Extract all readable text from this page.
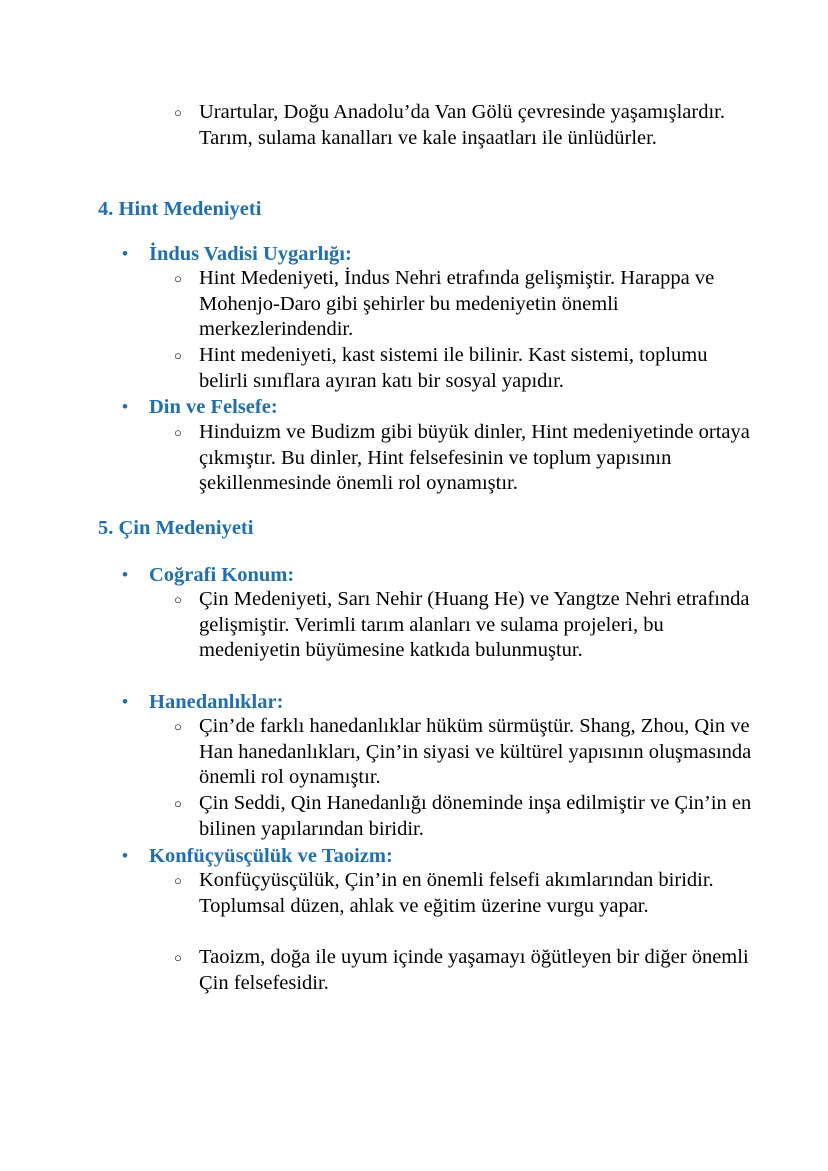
○ Urartular, Doğu Anadolu’da Van Gölü çevresinde yaşamışlardır. Tarım, sulama kanalları ve kale inşaatları ile ünlüdürler.
4. Hint Medeniyeti
• İndus Vadisi Uygarlığı:
○ Hint Medeniyeti, İndus Nehri etrafında gelişmiştir. Harappa ve Mohenjo-Daro gibi şehirler bu medeniyetin önemli merkezlerindendir.
○ Hint medeniyeti, kast sistemi ile bilinir. Kast sistemi, toplumu belirli sınıflara ayıran katı bir sosyal yapıdır.
• Din ve Felsefe:
○ Hinduizm ve Budizm gibi büyük dinler, Hint medeniyetinde ortaya çıkmıştır. Bu dinler, Hint felsefesinin ve toplum yapısının şekillenmesinde önemli rol oynamıştır.
5. Çin Medeniyeti
• Coğrafi Konum:
○ Çin Medeniyeti, Sarı Nehir (Huang He) ve Yangtze Nehri etrafında gelişmiştir. Verimli tarım alanları ve sulama projeleri, bu medeniyetin büyümesine katkıda bulunmuştur.
• Hanedanlıklar:
○ Çin’de farklı hanedanlıklar hüküm sürmüştür. Shang, Zhou, Qin ve Han hanedanlıkları, Çin’in siyasi ve kültürel yapısının oluşmasında önemli rol oynamıştır.
○ Çin Seddi, Qin Hanedanlığı döneminde inşa edilmiştir ve Çin’in en bilinen yapılarından biridir.
• Konfüçyüsçülük ve Taoizm:
○ Konfüçyüsçülük, Çin’in en önemli felsefi akımlarından biridir. Toplumsal düzen, ahlak ve eğitim üzerine vurgu yapar.
○ Taoizm, doğa ile uyum içinde yaşamayı öğütleyen bir diğer önemli Çin felsefesidir.
